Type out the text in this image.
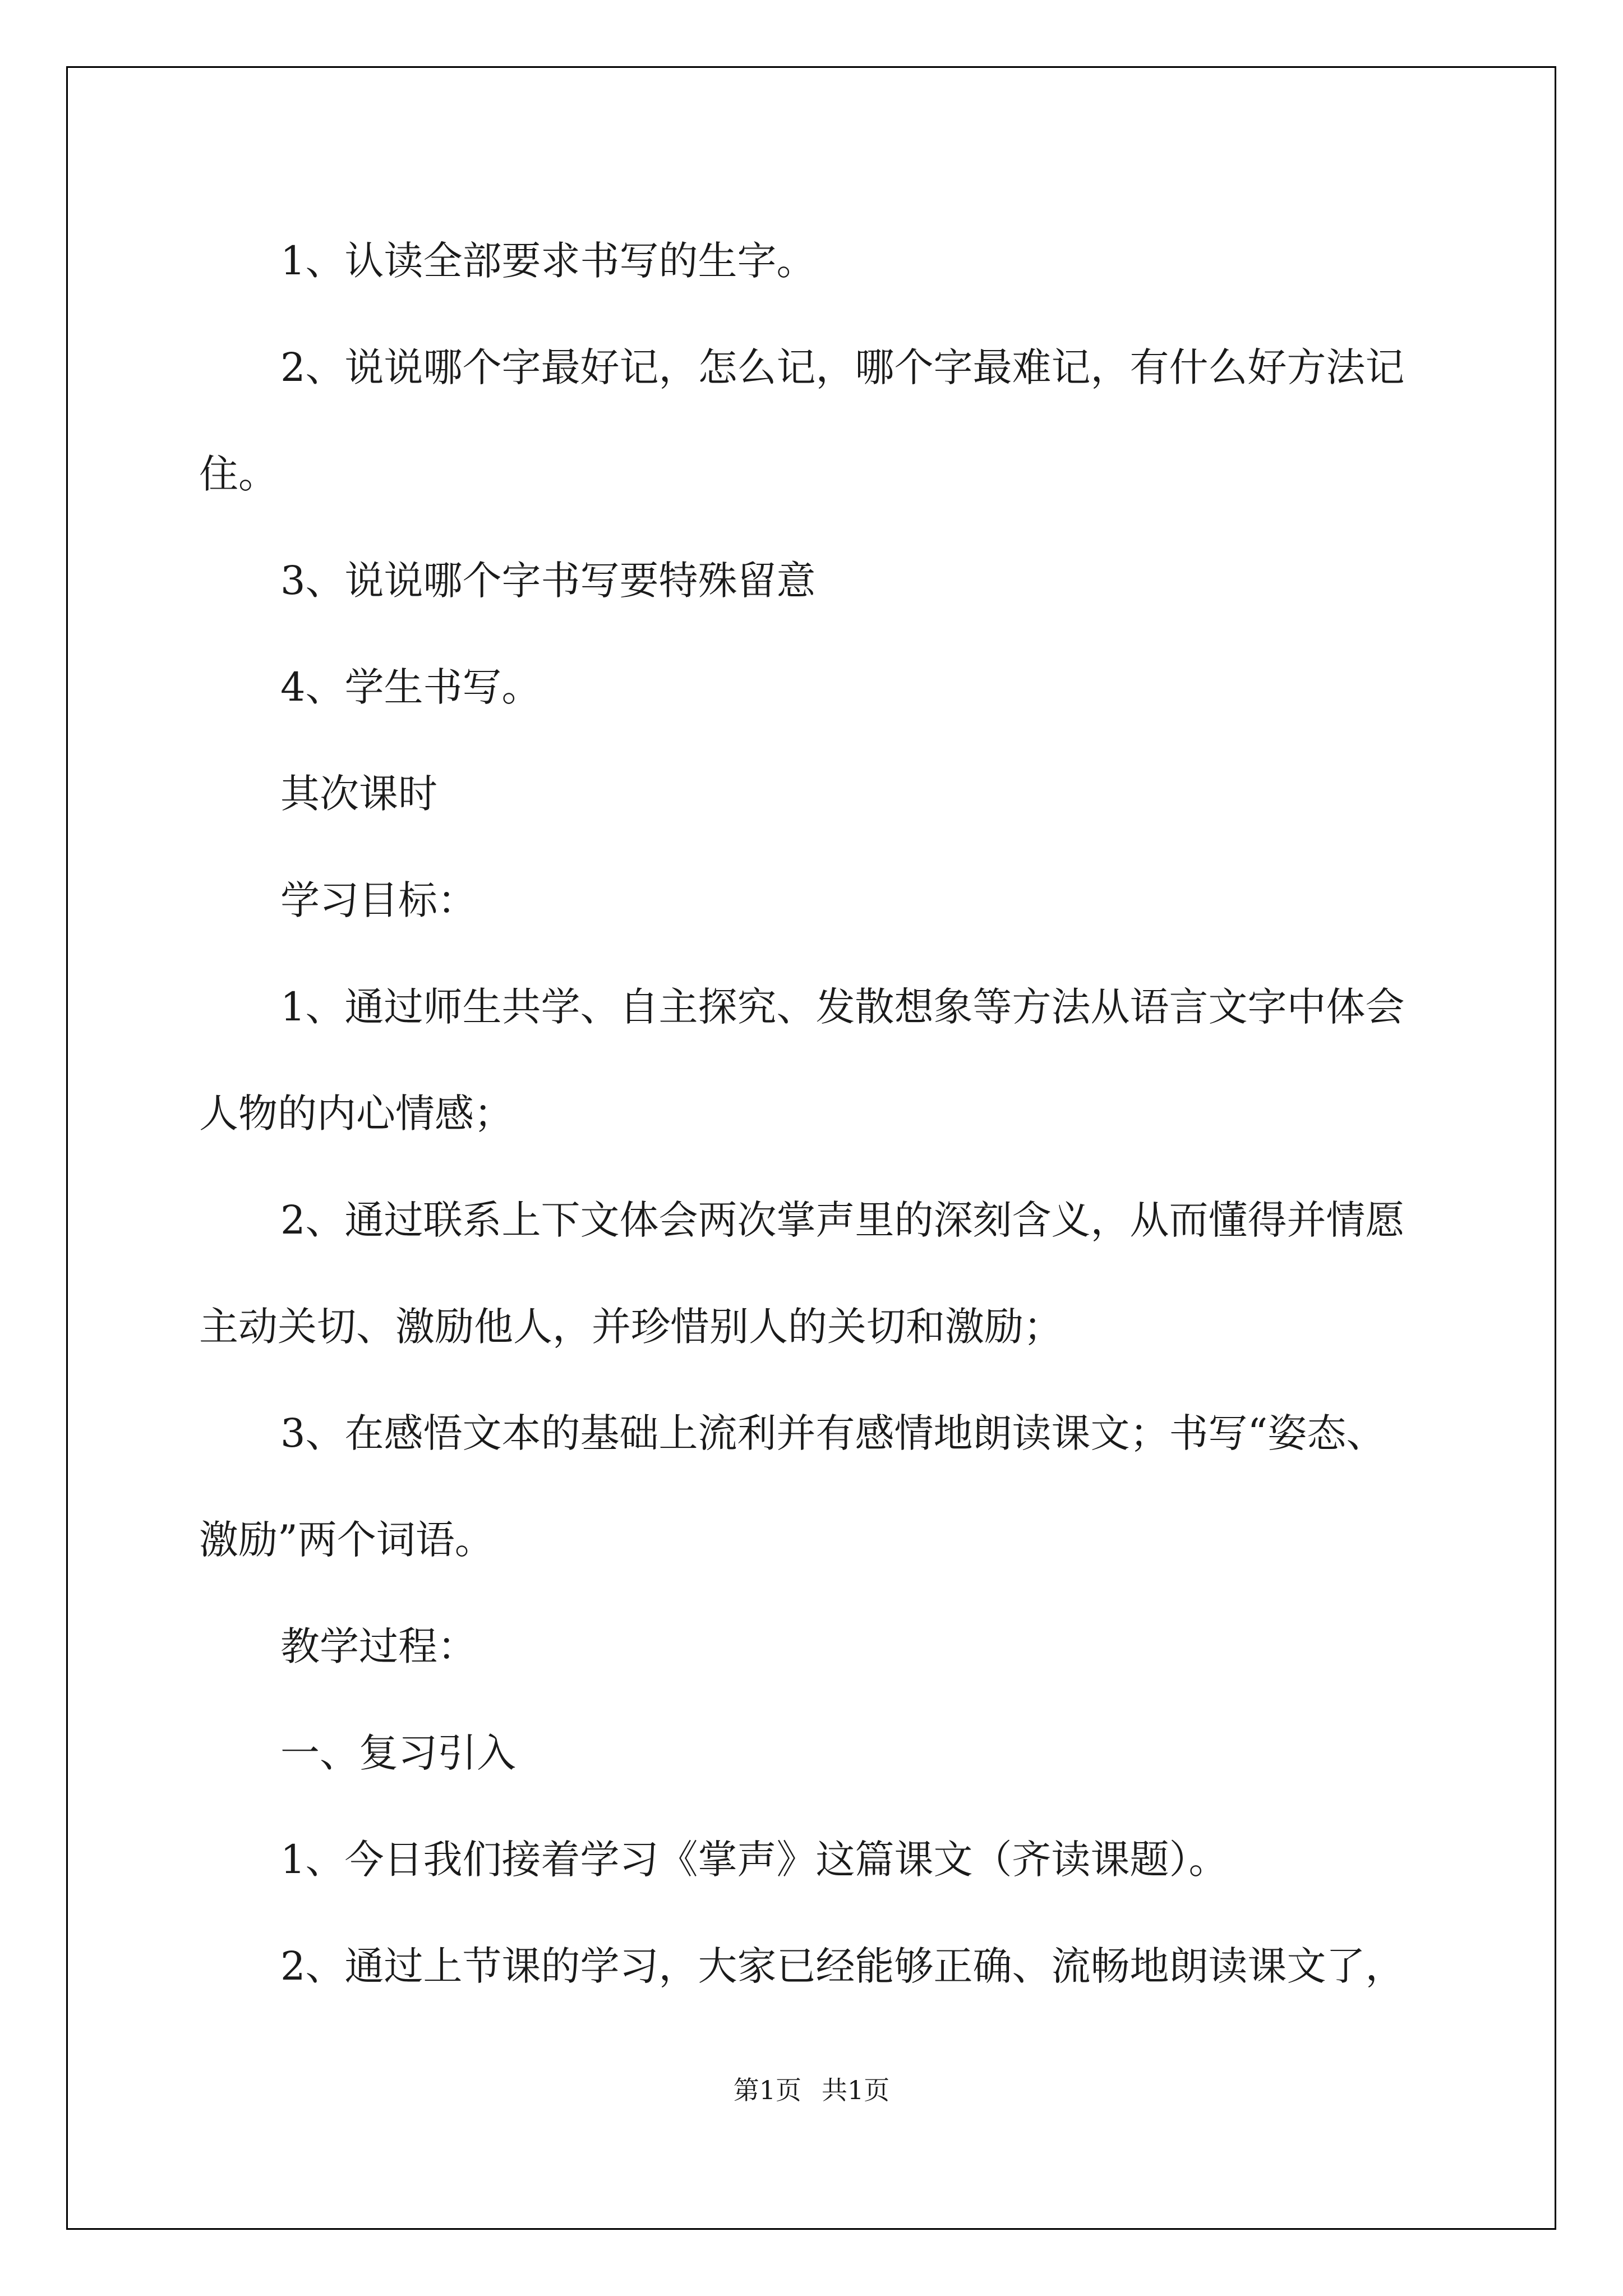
1、认读全部要求书写的生字。

2、说说哪个字最好记，怎么记，哪个字最难记，有什么好方法记

住。

3、说说哪个字书写要特殊留意

4、学生书写。

其次课时

学习目标：

1、通过师生共学、自主探究、发散想象等方法从语言文字中体会

人物的内心情感；

2、通过联系上下文体会两次掌声里的深刻含义，从而懂得并情愿

主动关切、激励他人，并珍惜别人的关切和激励；

3、在感悟文本的基础上流利并有感情地朗读课文；书写“姿态、

激励”两个词语。

教学过程：

一、复习引入

1、今日我们接着学习《掌声》这篇课文（齐读课题）。

2、通过上节课的学习，大家已经能够正确、流畅地朗读课文了，

第1页 共1页
